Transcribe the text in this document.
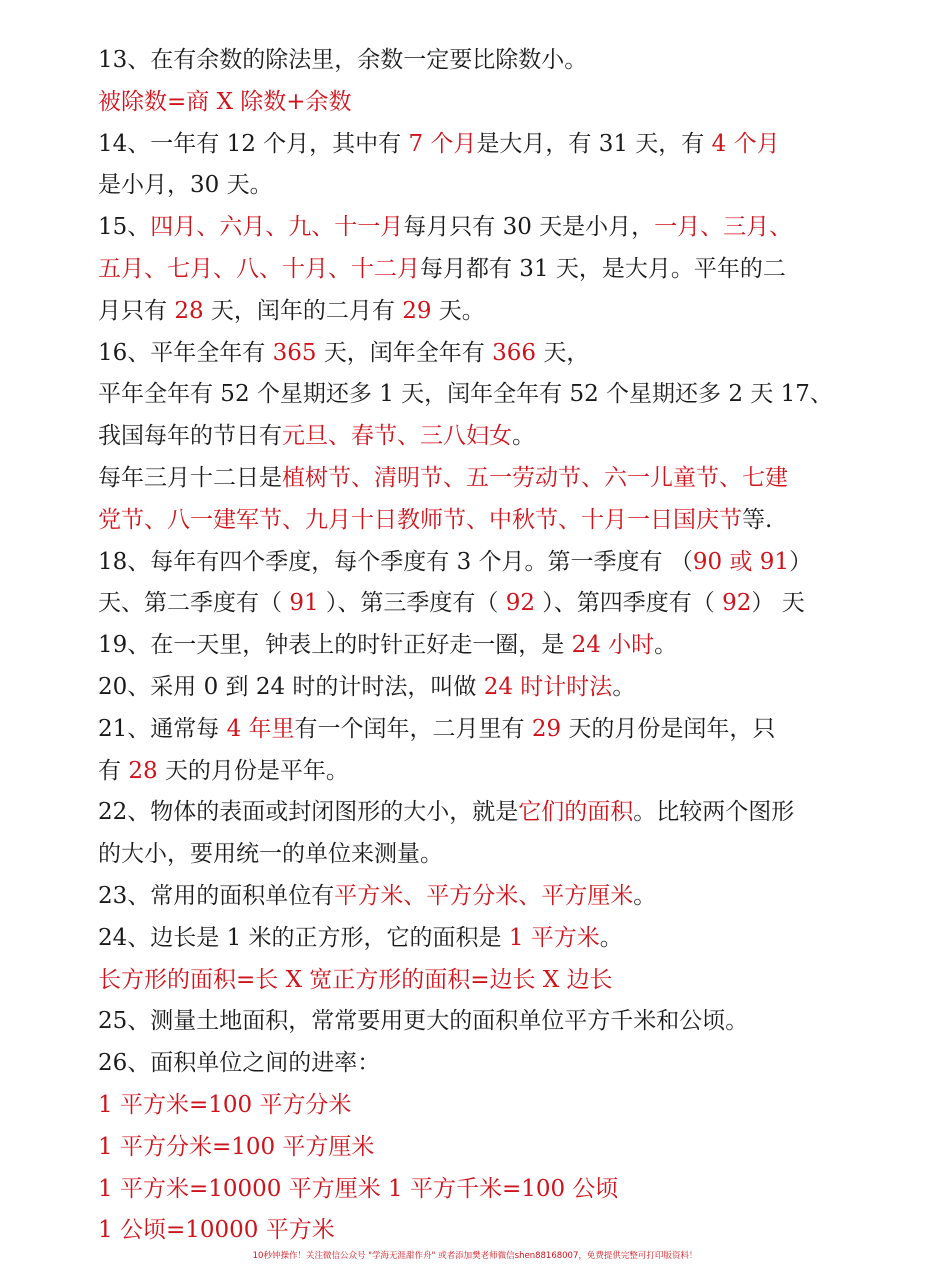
13、在有余数的除法里，余数一定要比除数小。
被除数=商 X 除数+余数
14、一年有 12 个月，其中有 7 个月是大月，有 31 天，有 4 个月
是小月，30 天。
15、四月、六月、九、十一月每月只有 30 天是小月，一月、三月、
五月、七月、八、十月、十二月每月都有 31 天，是大月。平年的二
月只有 28 天，闰年的二月有 29 天。
16、平年全年有 365 天，闰年全年有 366 天，
平年全年有 52 个星期还多 1 天，闰年全年有 52 个星期还多 2 天 17、
我国每年的节日有元旦、春节、三八妇女。
每年三月十二日是植树节、清明节、五一劳动节、六一儿童节、七建
党节、八一建军节、九月十日教师节、中秋节、十月一日国庆节等.
18、每年有四个季度，每个季度有 3 个月。第一季度有 （90 或 91）
天、第二季度有（ 91 ）、第三季度有（ 92 ）、第四季度有（ 92） 天
19、在一天里，钟表上的时针正好走一圈，是 24 小时。
20、采用 0 到 24 时的计时法，叫做 24 时计时法。
21、通常每 4 年里有一个闰年，二月里有 29 天的月份是闰年，只
有 28 天的月份是平年。
22、物体的表面或封闭图形的大小，就是它们的面积。比较两个图形
的大小，要用统一的单位来测量。
23、常用的面积单位有平方米、平方分米、平方厘米。
24、边长是 1 米的正方形，它的面积是 1 平方米。
长方形的面积=长 X 宽正方形的面积=边长 X 边长
25、测量土地面积，常常要用更大的面积单位平方千米和公顷。
26、面积单位之间的进率：
1 平方米=100 平方分米
1 平方分米=100 平方厘米
1 平方米=10000 平方厘米 1 平方千米=100 公顷
1 公顷=10000 平方米
10秒钟操作！关注微信公众号 "学海无涯甜作舟" 或者添加樊老师微信shen88168007，免费提供完整可打印版资料！
